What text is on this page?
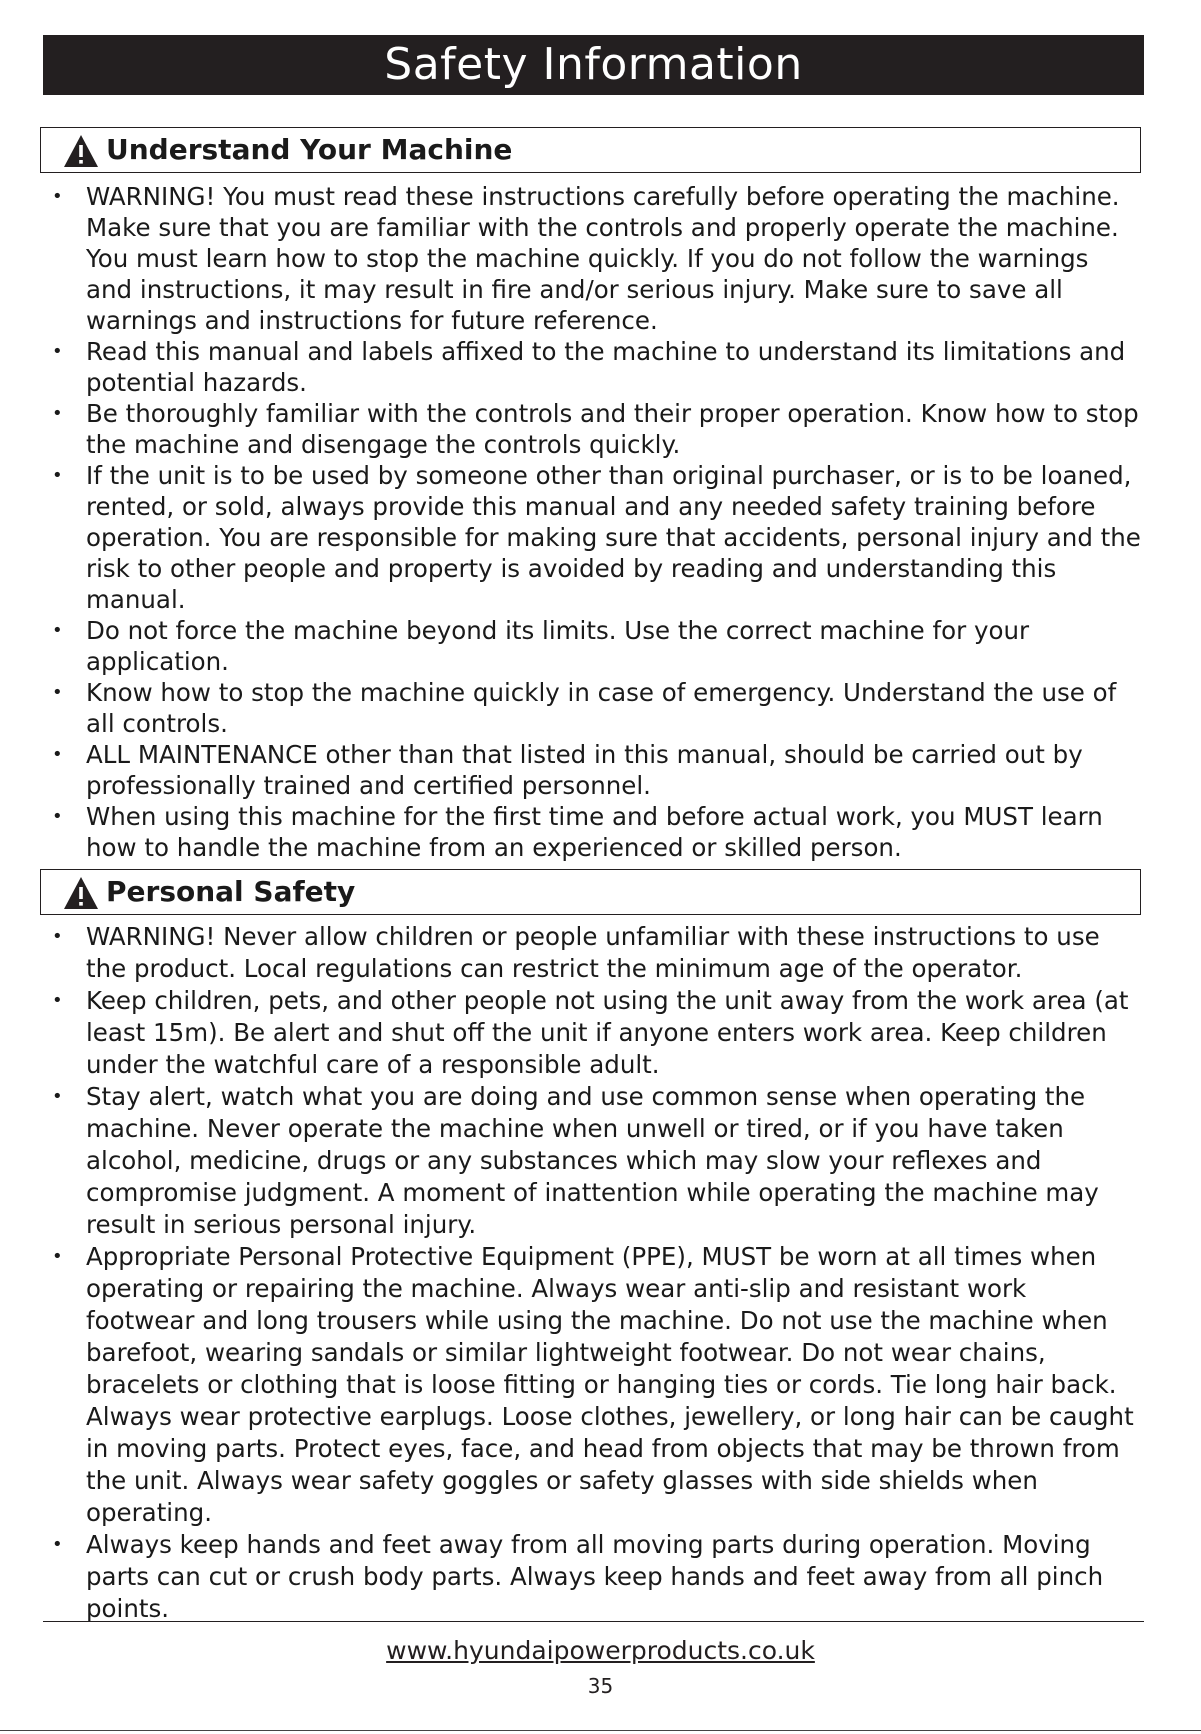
Safety Information
Understand Your Machine
• WARNING! You must read these instructions carefully before operating the machine. Make sure that you are familiar with the controls and properly operate the machine. You must learn how to stop the machine quickly. If you do not follow the warnings and instructions, it may result in fire and/or serious injury. Make sure to save all warnings and instructions for future reference.
• Read this manual and labels affixed to the machine to understand its limitations and potential hazards.
• Be thoroughly familiar with the controls and their proper operation. Know how to stop the machine and disengage the controls quickly.
• If the unit is to be used by someone other than original purchaser, or is to be loaned, rented, or sold, always provide this manual and any needed safety training before operation. You are responsible for making sure that accidents, personal injury and the risk to other people and property is avoided by reading and understanding this manual.
• Do not force the machine beyond its limits. Use the correct machine for your application.
• Know how to stop the machine quickly in case of emergency. Understand the use of all controls.
• ALL MAINTENANCE other than that listed in this manual, should be carried out by professionally trained and certified personnel.
• When using this machine for the first time and before actual work, you MUST learn how to handle the machine from an experienced or skilled person.
Personal Safety
• WARNING! Never allow children or people unfamiliar with these instructions to use the product. Local regulations can restrict the minimum age of the operator.
• Keep children, pets, and other people not using the unit away from the work area (at least 15m). Be alert and shut off the unit if anyone enters work area. Keep children under the watchful care of a responsible adult.
• Stay alert, watch what you are doing and use common sense when operating the machine. Never operate the machine when unwell or tired, or if you have taken alcohol, medicine, drugs or any substances which may slow your reflexes and compromise judgment. A moment of inattention while operating the machine may result in serious personal injury.
• Appropriate Personal Protective Equipment (PPE), MUST be worn at all times when operating or repairing the machine. Always wear anti-slip and resistant work footwear and long trousers while using the machine. Do not use the machine when barefoot, wearing sandals or similar lightweight footwear. Do not wear chains, bracelets or clothing that is loose fitting or hanging ties or cords. Tie long hair back. Always wear protective earplugs. Loose clothes, jewellery, or long hair can be caught in moving parts. Protect eyes, face, and head from objects that may be thrown from the unit. Always wear safety goggles or safety glasses with side shields when operating.
• Always keep hands and feet away from all moving parts during operation. Moving parts can cut or crush body parts. Always keep hands and feet away from all pinch points.
www.hyundaipowerproducts.co.uk
35
